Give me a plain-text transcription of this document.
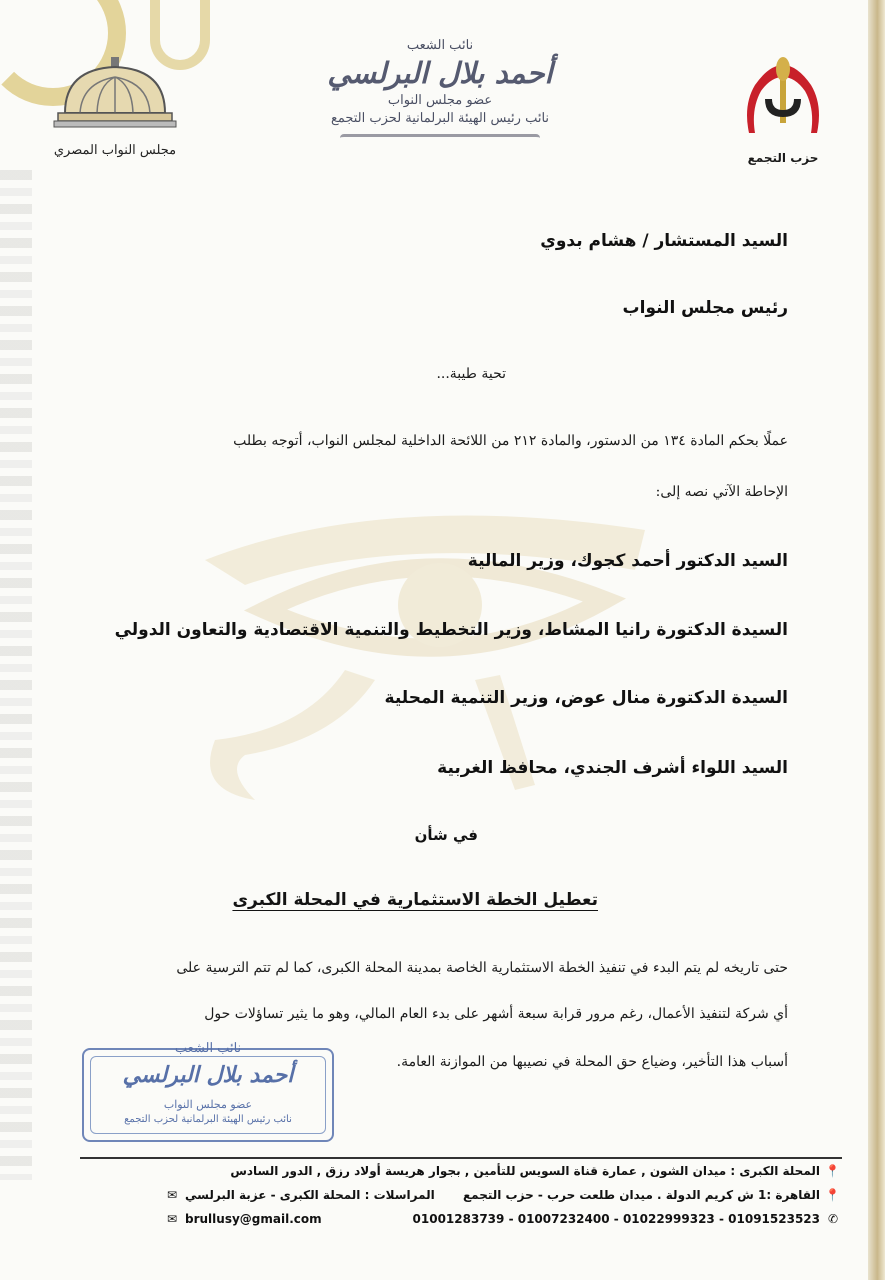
حزب التجمع
نائب الشعب
أحمد بلال البرلسي
عضو مجلس النواب
نائب رئيس الهيئة البرلمانية لحزب التجمع
مجلس النواب المصري
السيد المستشار / هشام بدوي
رئيس مجلس النواب
تحية طيبة...
عملًا بحكم المادة ١٣٤ من الدستور، والمادة ٢١٢ من اللائحة الداخلية لمجلس النواب، أتوجه بطلب
الإحاطة الآتي نصه إلى:
السيد الدكتور أحمد كجوك، وزير المالية
السيدة الدكتورة رانيا المشاط، وزير التخطيط والتنمية الاقتصادية والتعاون الدولي
السيدة الدكتورة منال عوض، وزير التنمية المحلية
السيد اللواء أشرف الجندي، محافظ الغربية
في شأن
تعطيل الخطة الاستثمارية في المحلة الكبرى
حتى تاريخه لم يتم البدء في تنفيذ الخطة الاستثمارية الخاصة بمدينة المحلة الكبرى، كما لم تتم الترسية على
أي شركة لتنفيذ الأعمال، رغم مرور قرابة سبعة أشهر على بدء العام المالي، وهو ما يثير تساؤلات حول
أسباب هذا التأخير، وضياع حق المحلة في نصيبها من الموازنة العامة.
نائب الشعب
أحمد بلال البرلسي
عضو مجلس النواب
نائب رئيس الهيئة البرلمانية لحزب التجمع
📍المحلة الكبرى : ميدان الشون , عمارة قناة السويس للتأمين , بجوار هريسة أولاد رزق , الدور السادس
📍القاهرة :1 ش كريم الدولة . ميدان طلعت حرب - حزب التجمع
✆01091523523 - 01022999323 - 01007232400 - 01001283739
المراسلات : المحلة الكبرى - عزبة البرلسي✉
brullusy@gmail.com✉
